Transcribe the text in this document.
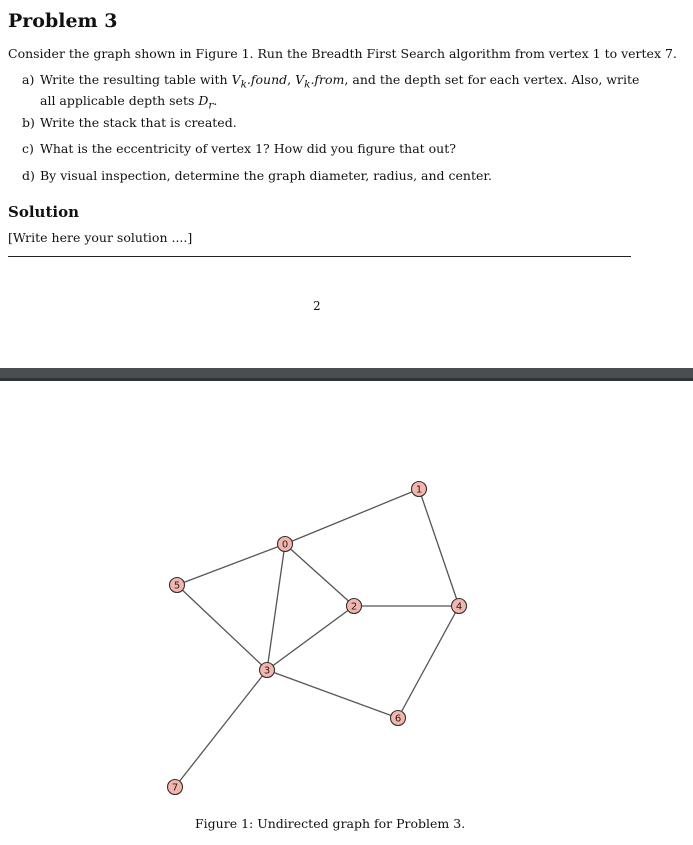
Problem 3
Consider the graph shown in Figure 1. Run the Breadth First Search algorithm from vertex 1 to vertex 7.
a) Write the resulting table with $V_k.found$, $V_k.from$, and the depth set for each vertex. Also, write all applicable depth sets $D_r$.
b) Write the stack that is created.
c) What is the eccentricity of vertex 1? How did you figure that out?
d) By visual inspection, determine the graph diameter, radius, and center.
Solution
[Write here your solution ....]
2
0
1
2
3
4
5
6
7
Figure 1: Undirected graph for Problem 3.
